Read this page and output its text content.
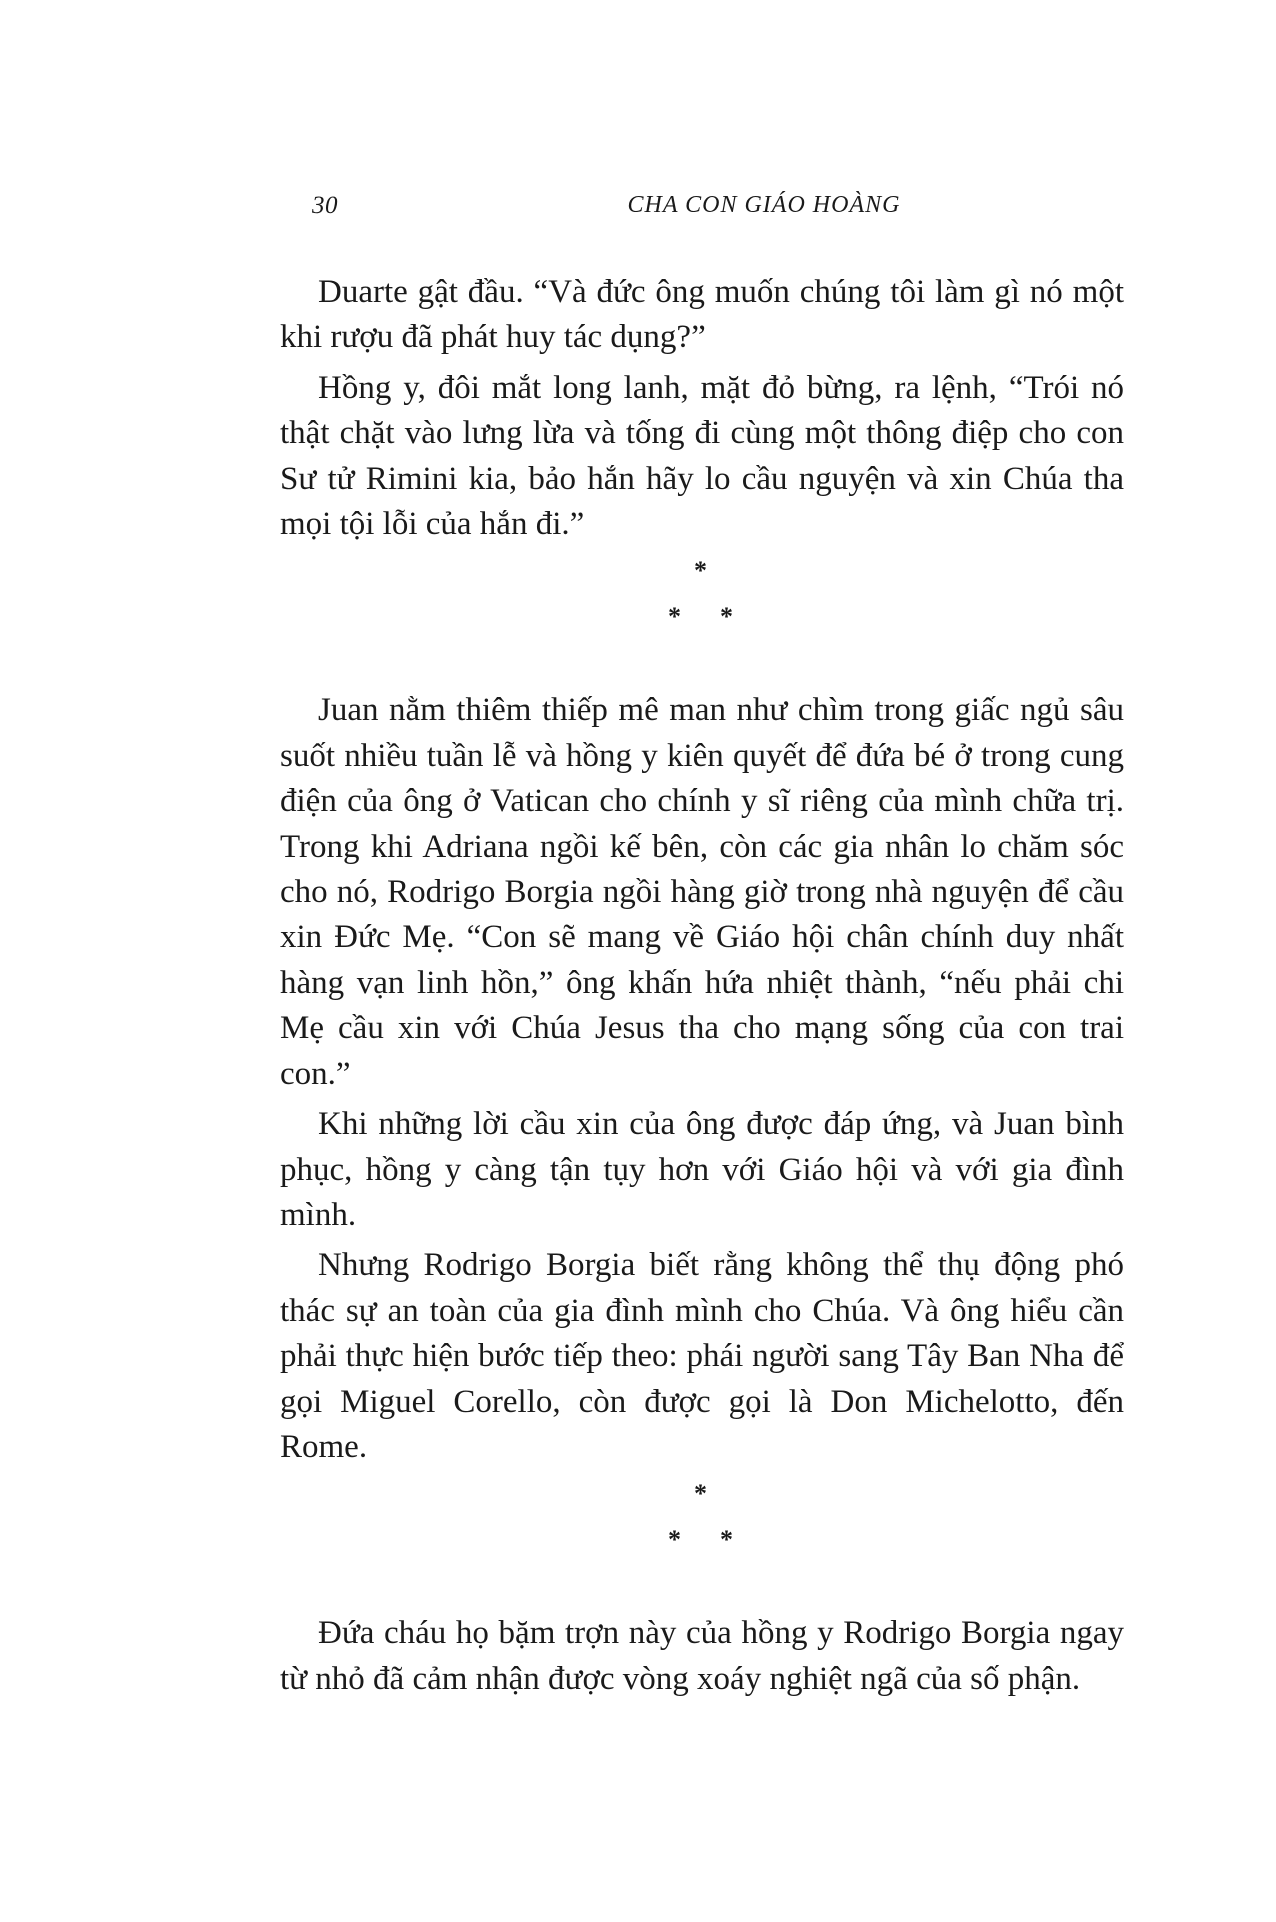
30	CHA CON GIÁO HOÀNG

Duarte gật đầu. “Và đức ông muốn chúng tôi làm gì nó một khi rượu đã phát huy tác dụng?”

Hồng y, đôi mắt long lanh, mặt đỏ bừng, ra lệnh, “Trói nó thật chặt vào lưng lừa và tống đi cùng một thông điệp cho con Sư tử Rimini kia, bảo hắn hãy lo cầu nguyện và xin Chúa tha mọi tội lỗi của hắn đi.”

*
* *

Juan nằm thiêm thiếp mê man như chìm trong giấc ngủ sâu suốt nhiều tuần lễ và hồng y kiên quyết để đứa bé ở trong cung điện của ông ở Vatican cho chính y sĩ riêng của mình chữa trị. Trong khi Adriana ngồi kế bên, còn các gia nhân lo chăm sóc cho nó, Rodrigo Borgia ngồi hàng giờ trong nhà nguyện để cầu xin Đức Mẹ. “Con sẽ mang về Giáo hội chân chính duy nhất hàng vạn linh hồn,” ông khấn hứa nhiệt thành, “nếu phải chi Mẹ cầu xin với Chúa Jesus tha cho mạng sống của con trai con.”

Khi những lời cầu xin của ông được đáp ứng, và Juan bình phục, hồng y càng tận tụy hơn với Giáo hội và với gia đình mình.

Nhưng Rodrigo Borgia biết rằng không thể thụ động phó thác sự an toàn của gia đình mình cho Chúa. Và ông hiểu cần phải thực hiện bước tiếp theo: phái người sang Tây Ban Nha để gọi Miguel Corello, còn được gọi là Don Michelotto, đến Rome.

*
* *

Đứa cháu họ bặm trợn này của hồng y Rodrigo Borgia ngay từ nhỏ đã cảm nhận được vòng xoáy nghiệt ngã của số phận.
